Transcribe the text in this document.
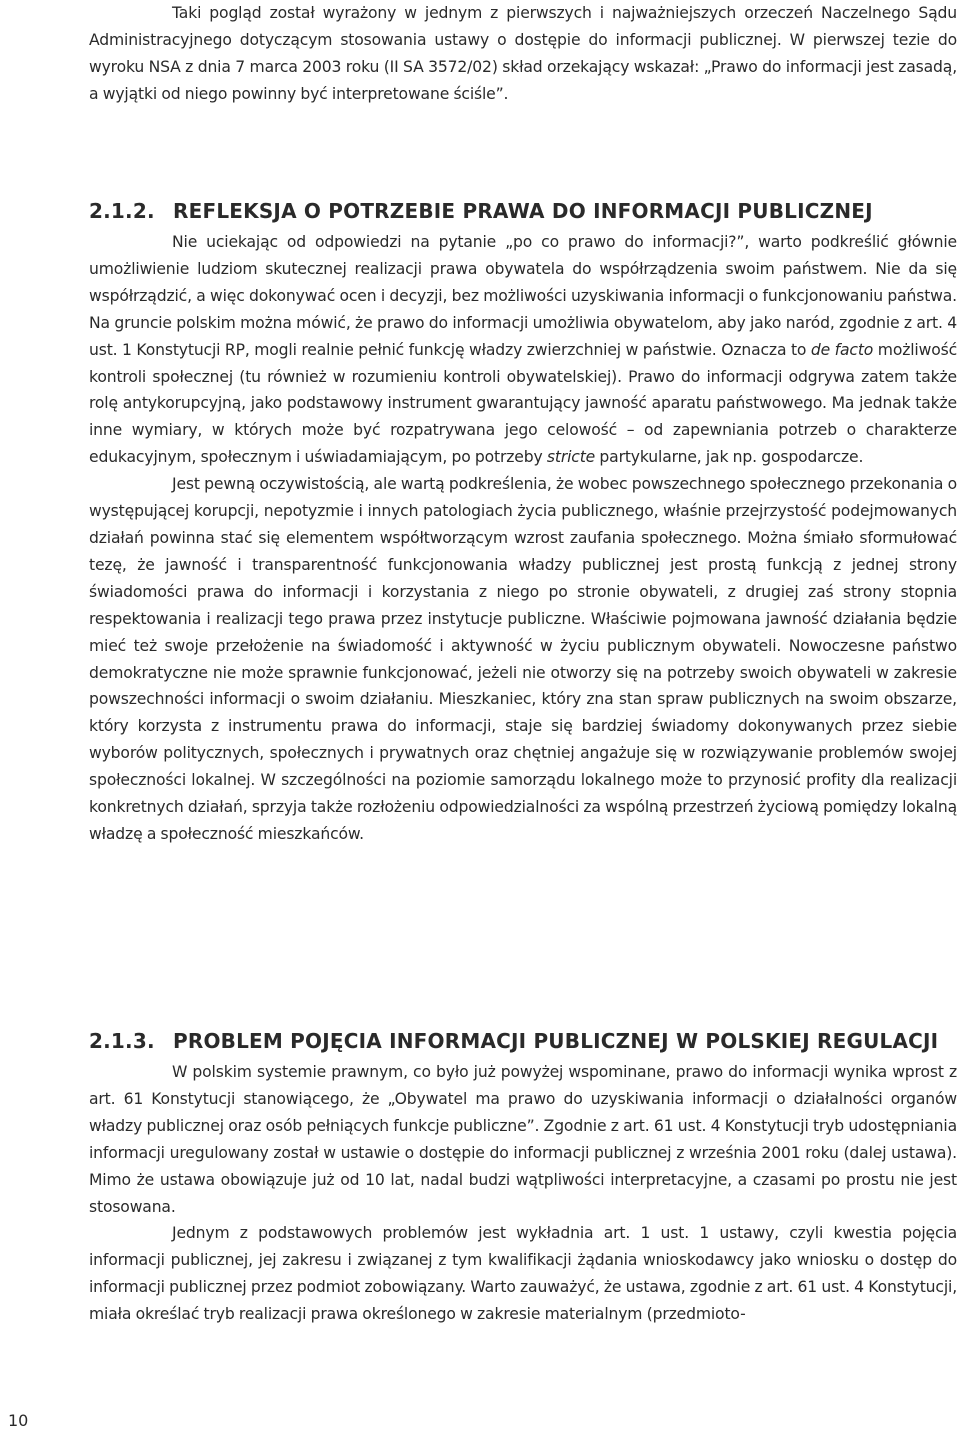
Taki pogląd został wyrażony w jednym z pierwszych i najważniejszych orzeczeń Naczelnego Sądu Administracyjnego dotyczącym stosowania ustawy o dostępie do informacji publicznej. W pierwszej tezie do wyroku NSA z dnia 7 marca 2003 roku (II SA 3572/02) skład orzekający wskazał: „Prawo do informacji jest zasadą, a wyjątki od niego powinny być interpretowane ściśle”.

2.1.2. REFLEKSJA O POTRZEBIE PRAWA DO INFORMACJI PUBLICZNEJ

Nie uciekając od odpowiedzi na pytanie „po co prawo do informacji?”, warto podkreślić głównie umożliwienie ludziom skutecznej realizacji prawa obywatela do współrządzenia swoim państwem. Nie da się współrządzić, a więc dokonywać ocen i decyzji, bez możliwości uzyskiwania informacji o funkcjonowaniu państwa. Na gruncie polskim można mówić, że prawo do informacji umożliwia obywatelom, aby jako naród, zgodnie z art. 4 ust. 1 Konstytucji RP, mogli realnie pełnić funkcję władzy zwierzchniej w państwie. Oznacza to de facto możliwość kontroli społecznej (tu również w rozumieniu kontroli obywatelskiej). Prawo do informacji odgrywa zatem także rolę antykorupcyjną, jako podstawowy instrument gwarantujący jawność aparatu państwowego. Ma jednak także inne wymiary, w których może być rozpatrywana jego celowość – od zapewniania potrzeb o charakterze edukacyjnym, społecznym i uświadamiającym, po potrzeby stricte partykularne, jak np. gospodarcze.

Jest pewną oczywistością, ale wartą podkreślenia, że wobec powszechnego społecznego przekonania o występującej korupcji, nepotyzmie i innych patologiach życia publicznego, właśnie przejrzystość podejmowanych działań powinna stać się elementem współtworzącym wzrost zaufania społecznego. Można śmiało sformułować tezę, że jawność i transparentność funkcjonowania władzy publicznej jest prostą funkcją z jednej strony świadomości prawa do informacji i korzystania z niego po stronie obywateli, z drugiej zaś strony stopnia respektowania i realizacji tego prawa przez instytucje publiczne. Właściwie pojmowana jawność działania będzie mieć też swoje przełożenie na świadomość i aktywność w życiu publicznym obywateli. Nowoczesne państwo demokratyczne nie może sprawnie funkcjonować, jeżeli nie otworzy się na potrzeby swoich obywateli w zakresie powszechności informacji o swoim działaniu. Mieszkaniec, który zna stan spraw publicznych na swoim obszarze, który korzysta z instrumentu prawa do informacji, staje się bardziej świadomy dokonywanych przez siebie wyborów politycznych, społecznych i prywatnych oraz chętniej angażuje się w rozwiązywanie problemów swojej społeczności lokalnej. W szczególności na poziomie samorządu lokalnego może to przynosić profity dla realizacji konkretnych działań, sprzyja także rozłożeniu odpowiedzialności za wspólną przestrzeń życiową pomiędzy lokalną władzę a społeczność mieszkańców.

2.1.3. PROBLEM POJĘCIA INFORMACJI PUBLICZNEJ W POLSKIEJ REGULACJI

W polskim systemie prawnym, co było już powyżej wspominane, prawo do informacji wynika wprost z art. 61 Konstytucji stanowiącego, że „Obywatel ma prawo do uzyskiwania informacji o działalności organów władzy publicznej oraz osób pełniących funkcje publiczne”. Zgodnie z art. 61 ust. 4 Konstytucji tryb udostępniania informacji uregulowany został w ustawie o dostępie do informacji publicznej z września 2001 roku (dalej ustawa). Mimo że ustawa obowiązuje już od 10 lat, nadal budzi wątpliwości interpretacyjne, a czasami po prostu nie jest stosowana.

Jednym z podstawowych problemów jest wykładnia art. 1 ust. 1 ustawy, czyli kwestia pojęcia informacji publicznej, jej zakresu i związanej z tym kwalifikacji żądania wnioskodawcy jako wniosku o dostęp do informacji publicznej przez podmiot zobowiązany. Warto zauważyć, że ustawa, zgodnie z art. 61 ust. 4 Konstytucji, miała określać tryb realizacji prawa określonego w zakresie materialnym (przedmioto-

10
